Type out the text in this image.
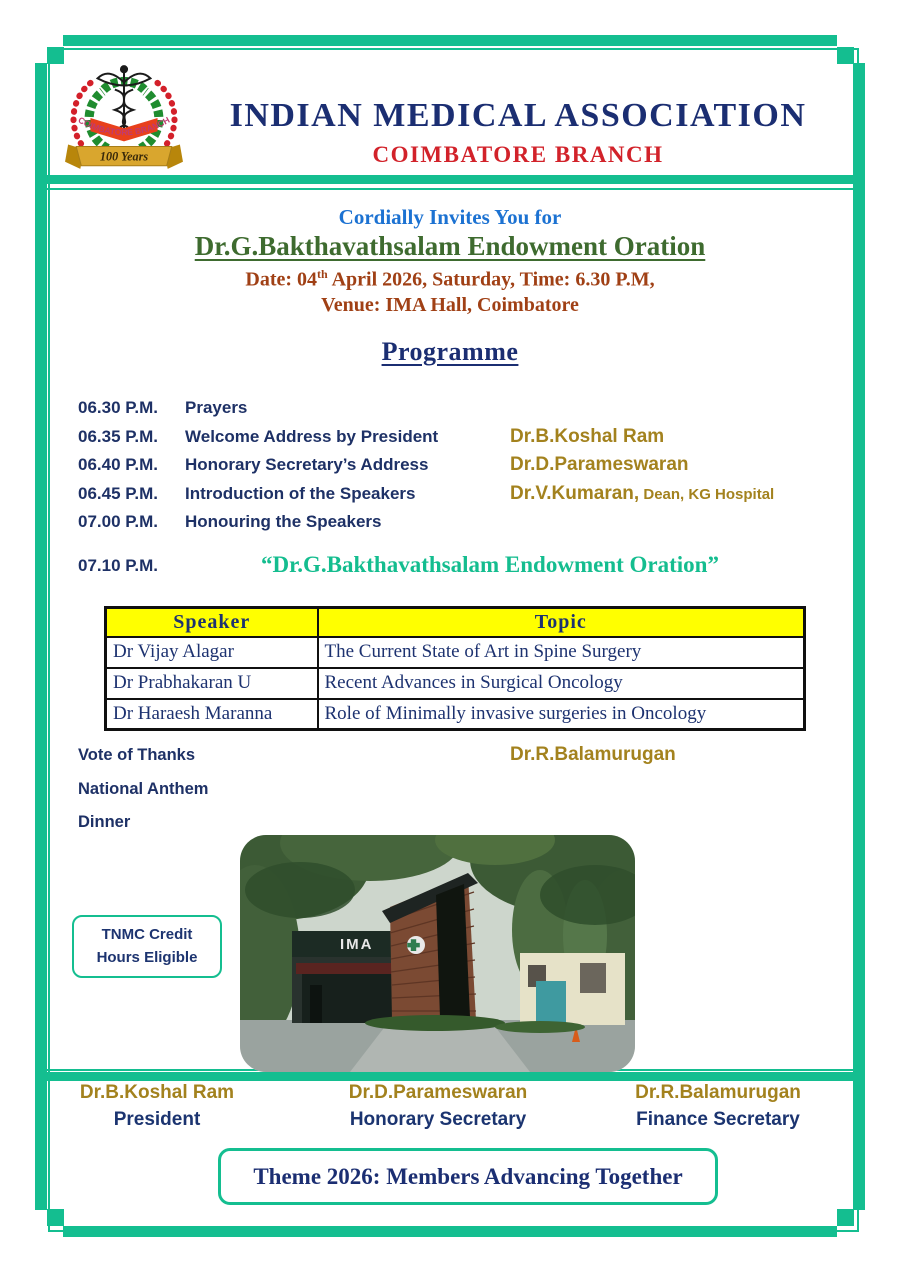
COIMBATORE BRANCH
100 Years
INDIAN MEDICAL ASSOCIATION
COIMBATORE BRANCH
Cordially Invites You for
Dr.G.Bakthavathsalam Endowment Oration
Date: 04th April 2026, Saturday, Time: 6.30 P.M,
Venue: IMA Hall, Coimbatore
Programme
06.30 P.M.	Prayers
06.35 P.M.	Welcome Address by President	Dr.B.Koshal Ram
06.40 P.M.	Honorary Secretary’s Address	Dr.D.Parameswaran
06.45 P.M.	Introduction of the Speakers	Dr.V.Kumaran, Dean, KG Hospital
07.00 P.M.	Honouring the Speakers
07.10 P.M.	“Dr.G.Bakthavathsalam Endowment Oration”
Speaker	Topic
Dr Vijay Alagar	The Current State of Art in Spine Surgery
Dr Prabhakaran U	Recent Advances in Surgical Oncology
Dr Haraesh Maranna	Role of Minimally invasive surgeries in Oncology
Vote of Thanks	Dr.R.Balamurugan
National Anthem
Dinner
TNMC Credit
Hours Eligible
IMA
Dr.B.Koshal Ram
President
Dr.D.Parameswaran
Honorary Secretary
Dr.R.Balamurugan
Finance Secretary
Theme 2026: Members Advancing Together
